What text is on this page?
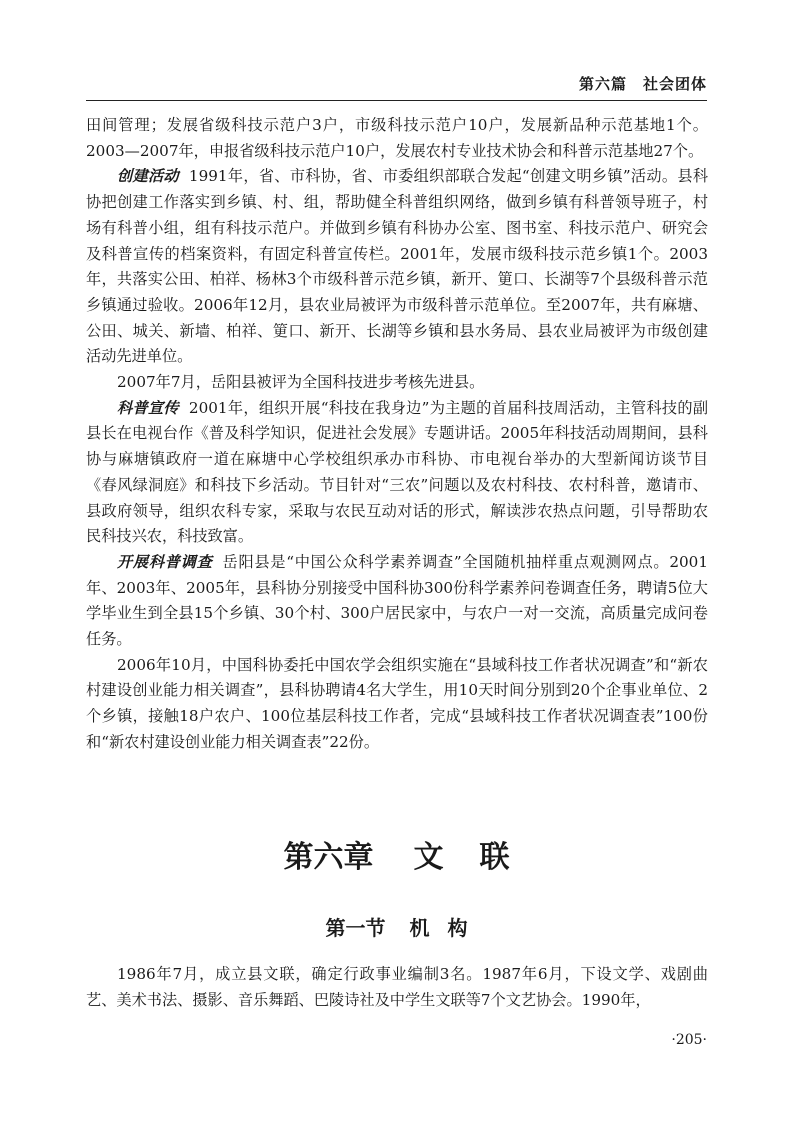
第六篇　社会团体

田间管理；发展省级科技示范户3户，市级科技示范户10户，发展新品种示范基地1个。2003—2007年，申报省级科技示范户10户，发展农村专业技术协会和科普示范基地27个。

创建活动 1991年，省、市科协，省、市委组织部联合发起“创建文明乡镇”活动。县科协把创建工作落实到乡镇、村、组，帮助健全科普组织网络，做到乡镇有科普领导班子，村场有科普小组，组有科技示范户。并做到乡镇有科协办公室、图书室、科技示范户、研究会及科普宣传的档案资料，有固定科普宣传栏。2001年，发展市级科技示范乡镇1个。2003年，共落实公田、柏祥、杨林3个市级科普示范乡镇，新开、筻口、长湖等7个县级科普示范乡镇通过验收。2006年12月，县农业局被评为市级科普示范单位。至2007年，共有麻塘、公田、城关、新墙、柏祥、筻口、新开、长湖等乡镇和县水务局、县农业局被评为市级创建活动先进单位。

2007年7月，岳阳县被评为全国科技进步考核先进县。

科普宣传 2001年，组织开展“科技在我身边”为主题的首届科技周活动，主管科技的副县长在电视台作《普及科学知识，促进社会发展》专题讲话。2005年科技活动周期间，县科协与麻塘镇政府一道在麻塘中心学校组织承办市科协、市电视台举办的大型新闻访谈节目《春风绿洞庭》和科技下乡活动。节目针对“三农”问题以及农村科技、农村科普，邀请市、县政府领导，组织农科专家，采取与农民互动对话的形式，解读涉农热点问题，引导帮助农民科技兴农，科技致富。

开展科普调查 岳阳县是“中国公众科学素养调查”全国随机抽样重点观测网点。2001年、2003年、2005年，县科协分别接受中国科协300份科学素养问卷调查任务，聘请5位大学毕业生到全县15个乡镇、30个村、300户居民家中，与农户一对一交流，高质量完成问卷任务。

2006年10月，中国科协委托中国农学会组织实施在“县域科技工作者状况调查”和“新农村建设创业能力相关调查”，县科协聘请4名大学生，用10天时间分别到20个企事业单位、2个乡镇，接触18户农户、100位基层科技工作者，完成“县域科技工作者状况调查表”100份和“新农村建设创业能力相关调查表”22份。

第六章 文 联
第一节 机 构

1986年7月，成立县文联，确定行政事业编制3名。1987年6月，下设文学、戏剧曲艺、美术书法、摄影、音乐舞蹈、巴陵诗社及中学生文联等7个文艺协会。1990年，

·205·
